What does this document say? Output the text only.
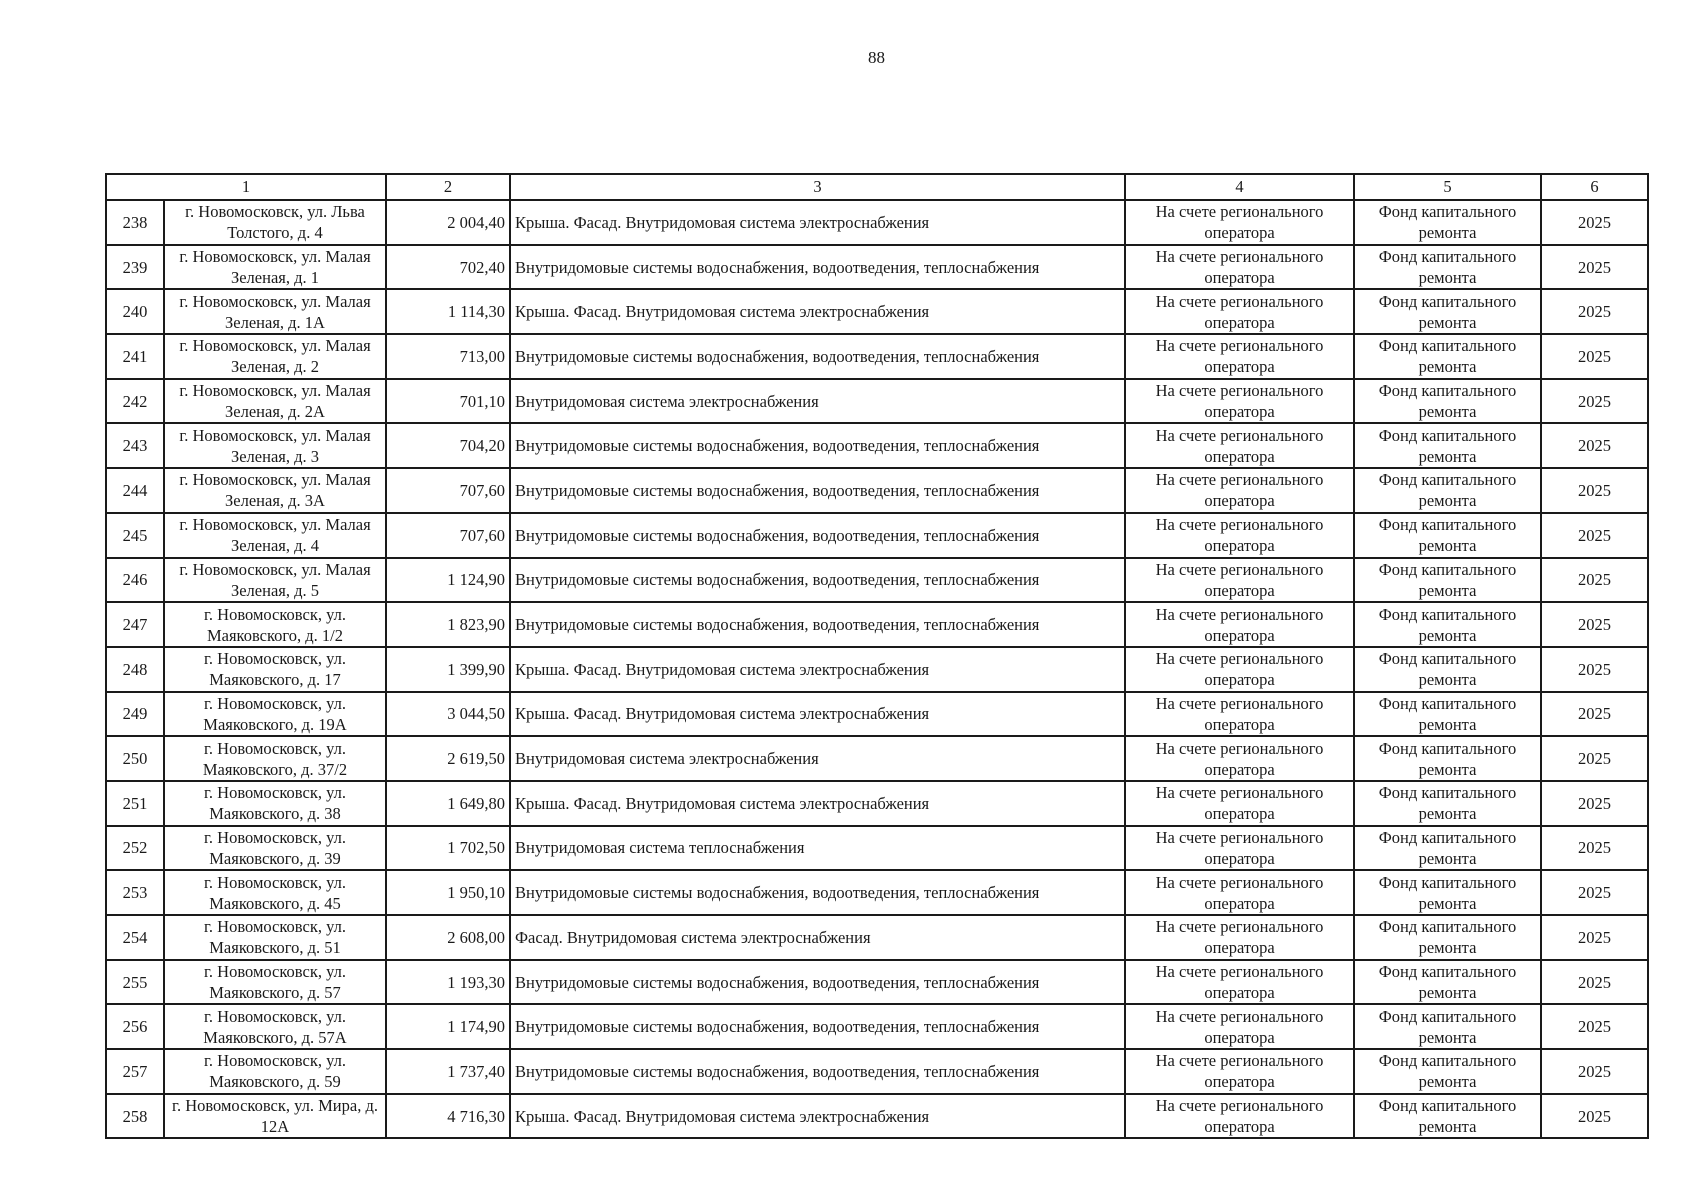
88
1		2	3	4	5	6
238	г. Новомосковск, ул. Льва Толстого, д. 4	2 004,40	Крыша. Фасад. Внутридомовая система электроснабжения	На счете регионального оператора	Фонд капитального ремонта	2025
239	г. Новомосковск, ул. Малая Зеленая, д. 1	702,40	Внутридомовые системы водоснабжения, водоотведения, теплоснабжения	На счете регионального оператора	Фонд капитального ремонта	2025
240	г. Новомосковск, ул. Малая Зеленая, д. 1А	1 114,30	Крыша. Фасад. Внутридомовая система электроснабжения	На счете регионального оператора	Фонд капитального ремонта	2025
241	г. Новомосковск, ул. Малая Зеленая, д. 2	713,00	Внутридомовые системы водоснабжения, водоотведения, теплоснабжения	На счете регионального оператора	Фонд капитального ремонта	2025
242	г. Новомосковск, ул. Малая Зеленая, д. 2А	701,10	Внутридомовая система электроснабжения	На счете регионального оператора	Фонд капитального ремонта	2025
243	г. Новомосковск, ул. Малая Зеленая, д. 3	704,20	Внутридомовые системы водоснабжения, водоотведения, теплоснабжения	На счете регионального оператора	Фонд капитального ремонта	2025
244	г. Новомосковск, ул. Малая Зеленая, д. 3А	707,60	Внутридомовые системы водоснабжения, водоотведения, теплоснабжения	На счете регионального оператора	Фонд капитального ремонта	2025
245	г. Новомосковск, ул. Малая Зеленая, д. 4	707,60	Внутридомовые системы водоснабжения, водоотведения, теплоснабжения	На счете регионального оператора	Фонд капитального ремонта	2025
246	г. Новомосковск, ул. Малая Зеленая, д. 5	1 124,90	Внутридомовые системы водоснабжения, водоотведения, теплоснабжения	На счете регионального оператора	Фонд капитального ремонта	2025
247	г. Новомосковск, ул. Маяковского, д. 1/2	1 823,90	Внутридомовые системы водоснабжения, водоотведения, теплоснабжения	На счете регионального оператора	Фонд капитального ремонта	2025
248	г. Новомосковск, ул. Маяковского, д. 17	1 399,90	Крыша. Фасад. Внутридомовая система электроснабжения	На счете регионального оператора	Фонд капитального ремонта	2025
249	г. Новомосковск, ул. Маяковского, д. 19А	3 044,50	Крыша. Фасад. Внутридомовая система электроснабжения	На счете регионального оператора	Фонд капитального ремонта	2025
250	г. Новомосковск, ул. Маяковского, д. 37/2	2 619,50	Внутридомовая система электроснабжения	На счете регионального оператора	Фонд капитального ремонта	2025
251	г. Новомосковск, ул. Маяковского, д. 38	1 649,80	Крыша. Фасад. Внутридомовая система электроснабжения	На счете регионального оператора	Фонд капитального ремонта	2025
252	г. Новомосковск, ул. Маяковского, д. 39	1 702,50	Внутридомовая система теплоснабжения	На счете регионального оператора	Фонд капитального ремонта	2025
253	г. Новомосковск, ул. Маяковского, д. 45	1 950,10	Внутридомовые системы водоснабжения, водоотведения, теплоснабжения	На счете регионального оператора	Фонд капитального ремонта	2025
254	г. Новомосковск, ул. Маяковского, д. 51	2 608,00	Фасад. Внутридомовая система электроснабжения	На счете регионального оператора	Фонд капитального ремонта	2025
255	г. Новомосковск, ул. Маяковского, д. 57	1 193,30	Внутридомовые системы водоснабжения, водоотведения, теплоснабжения	На счете регионального оператора	Фонд капитального ремонта	2025
256	г. Новомосковск, ул. Маяковского, д. 57А	1 174,90	Внутридомовые системы водоснабжения, водоотведения, теплоснабжения	На счете регионального оператора	Фонд капитального ремонта	2025
257	г. Новомосковск, ул. Маяковского, д. 59	1 737,40	Внутридомовые системы водоснабжения, водоотведения, теплоснабжения	На счете регионального оператора	Фонд капитального ремонта	2025
258	г. Новомосковск, ул. Мира, д. 12А	4 716,30	Крыша. Фасад. Внутридомовая система электроснабжения	На счете регионального оператора	Фонд капитального ремонта	2025
